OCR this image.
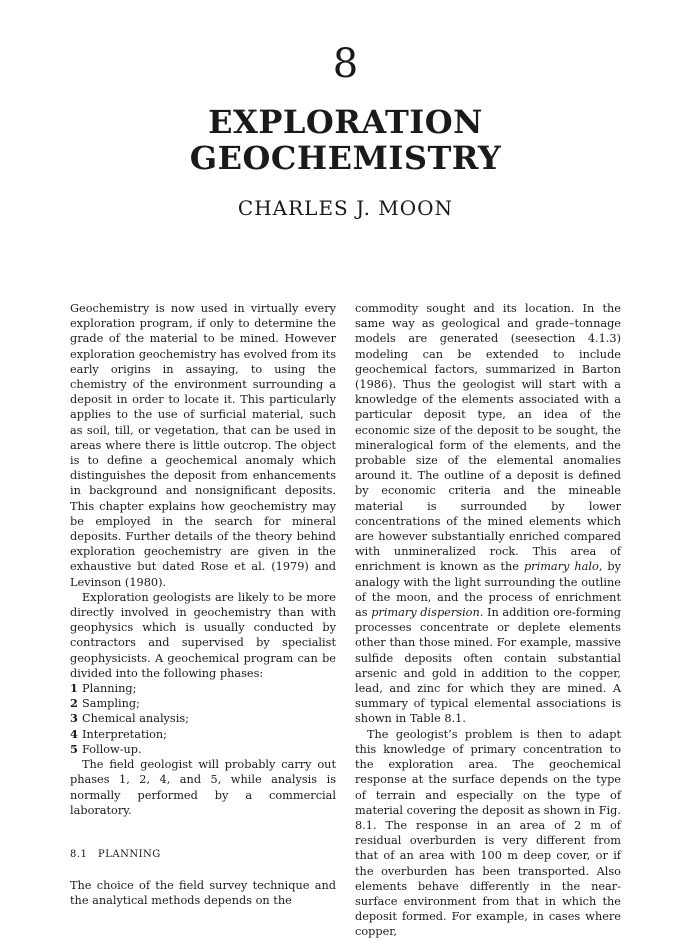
8
EXPLORATION
GEOCHEMISTRY
CHARLES J. MOON

Geochemistry is now used in virtually every exploration program, if only to determine the grade of the material to be mined. However exploration geochemistry has evolved from its early origins in assaying, to using the chemistry of the environment surrounding a deposit in order to locate it. This particularly applies to the use of surficial material, such as soil, till, or vegetation, that can be used in areas where there is little outcrop. The object is to define a geochemical anomaly which distinguishes the deposit from enhancements in background and nonsignificant deposits. This chapter explains how geochemistry may be employed in the search for mineral deposits. Further details of the theory behind exploration geochemistry are given in the exhaustive but dated Rose et al. (1979) and Levinson (1980).

Exploration geologists are likely to be more directly involved in geochemistry than with geophysics which is usually conducted by contractors and supervised by specialist geophysicists. A geochemical program can be divided into the following phases:

1 Planning;
2 Sampling;
3 Chemical analysis;
4 Interpretation;
5 Follow-up.

The field geologist will probably carry out phases 1, 2, 4, and 5, while analysis is normally performed by a commercial laboratory.

8.1 PLANNING

The choice of the field survey technique and the analytical methods depends on the

commodity sought and its location. In the same way as geological and grade–tonnage models are generated (seesection 4.1.3) modeling can be extended to include geochemical factors, summarized in Barton (1986). Thus the geologist will start with a knowledge of the elements associated with a particular deposit type, an idea of the economic size of the deposit to be sought, the mineralogical form of the elements, and the probable size of the elemental anomalies around it. The outline of a deposit is defined by economic criteria and the mineable material is surrounded by lower concentrations of the mined elements which are however substantially enriched compared with unmineralized rock. This area of enrichment is known as the primary halo, by analogy with the light surrounding the outline of the moon, and the process of enrichment as primary dispersion. In addition ore-forming processes concentrate or deplete elements other than those mined. For example, massive sulfide deposits often contain substantial arsenic and gold in addition to the copper, lead, and zinc for which they are mined. A summary of typical elemental associations is shown in Table 8.1.

The geologist’s problem is then to adapt this knowledge of primary concentration to the exploration area. The geochemical response at the surface depends on the type of terrain and especially on the type of material covering the deposit as shown in Fig. 8.1. The response in an area of 2 m of residual overburden is very different from that of an area with 100 m deep cover, or if the overburden has been transported. Also elements behave differently in the near-surface environment from that in which the deposit formed. For example, in cases where copper,
